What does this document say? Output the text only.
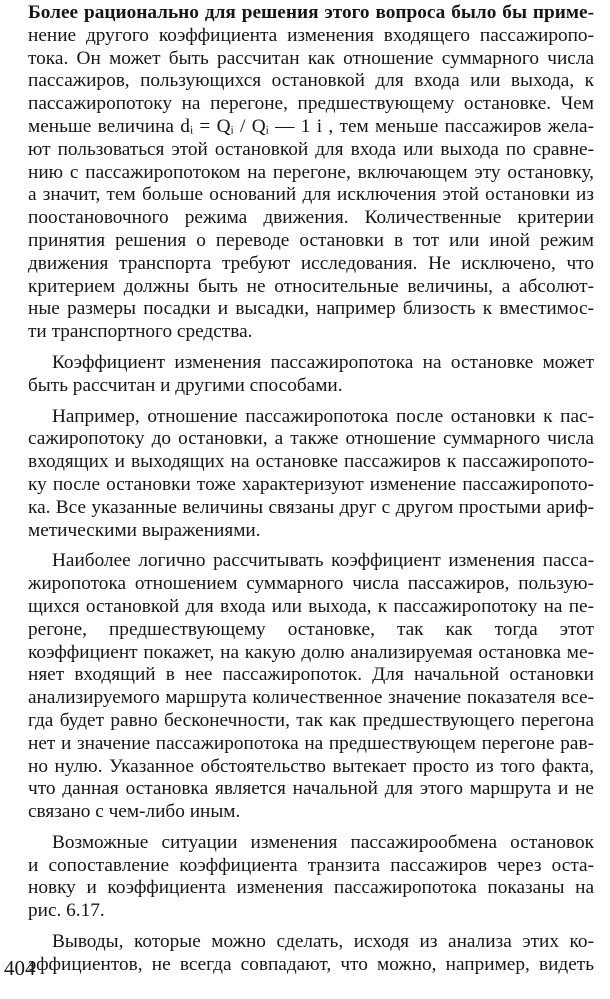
Более рационально для решения этого вопроса было бы приме-
нение другого коэффициента изменения входящего пассажиропо-
тока. Он может быть рассчитан как отношение суммарного числа
пассажиров, пользующихся остановкой для входа или выхода, к
пассажиропотоку на перегоне, предшествующему остановке. Чем
меньше величина dᵢ = Qᵢ / Qᵢ — 1 i , тем меньше пассажиров жела-
ют пользоваться этой остановкой для входа или выхода по сравне-
нию с пассажиропотоком на перегоне, включающем эту остановку,
а значит, тем больше оснований для исключения этой остановки из
поостановочного режима движения. Количественные критерии
принятия решения о переводе остановки в тот или иной режим
движения транспорта требуют исследования. Не исключено, что
критерием должны быть не относительные величины, а абсолют-
ные размеры посадки и высадки, например близость к вместимос-
ти транспортного средства.
Коэффициент изменения пассажиропотока на остановке может
быть рассчитан и другими способами.
Например, отношение пассажиропотока после остановки к пас-
сажиропотоку до остановки, а также отношение суммарного числа
входящих и выходящих на остановке пассажиров к пассажиропото-
ку после остановки тоже характеризуют изменение пассажиропото-
ка. Все указанные величины связаны друг с другом простыми ариф-
метическими выражениями.
Наиболее логично рассчитывать коэффициент изменения пасса-
жиропотока отношением суммарного числа пассажиров, пользую-
щихся остановкой для входа или выхода, к пассажиропотоку на пе-
регоне, предшествующему остановке, так как тогда этот
коэффициент покажет, на какую долю анализируемая остановка ме-
няет входящий в нее пассажиропоток. Для начальной остановки
анализируемого маршрута количественное значение показателя все-
гда будет равно бесконечности, так как предшествующего перегона
нет и значение пассажиропотока на предшествующем перегоне рав-
но нулю. Указанное обстоятельство вытекает просто из того факта,
что данная остановка является начальной для этого маршрута и не
связано с чем-либо иным.
Возможные ситуации изменения пассажирообмена остановок
и сопоставление коэффициента транзита пассажиров через оста-
новку и коэффициента изменения пассажиропотока показаны на
рис. 6.17.
Выводы, которые можно сделать, исходя из анализа этих ко-
эффициентов, не всегда совпадают, что можно, например, видеть
404
